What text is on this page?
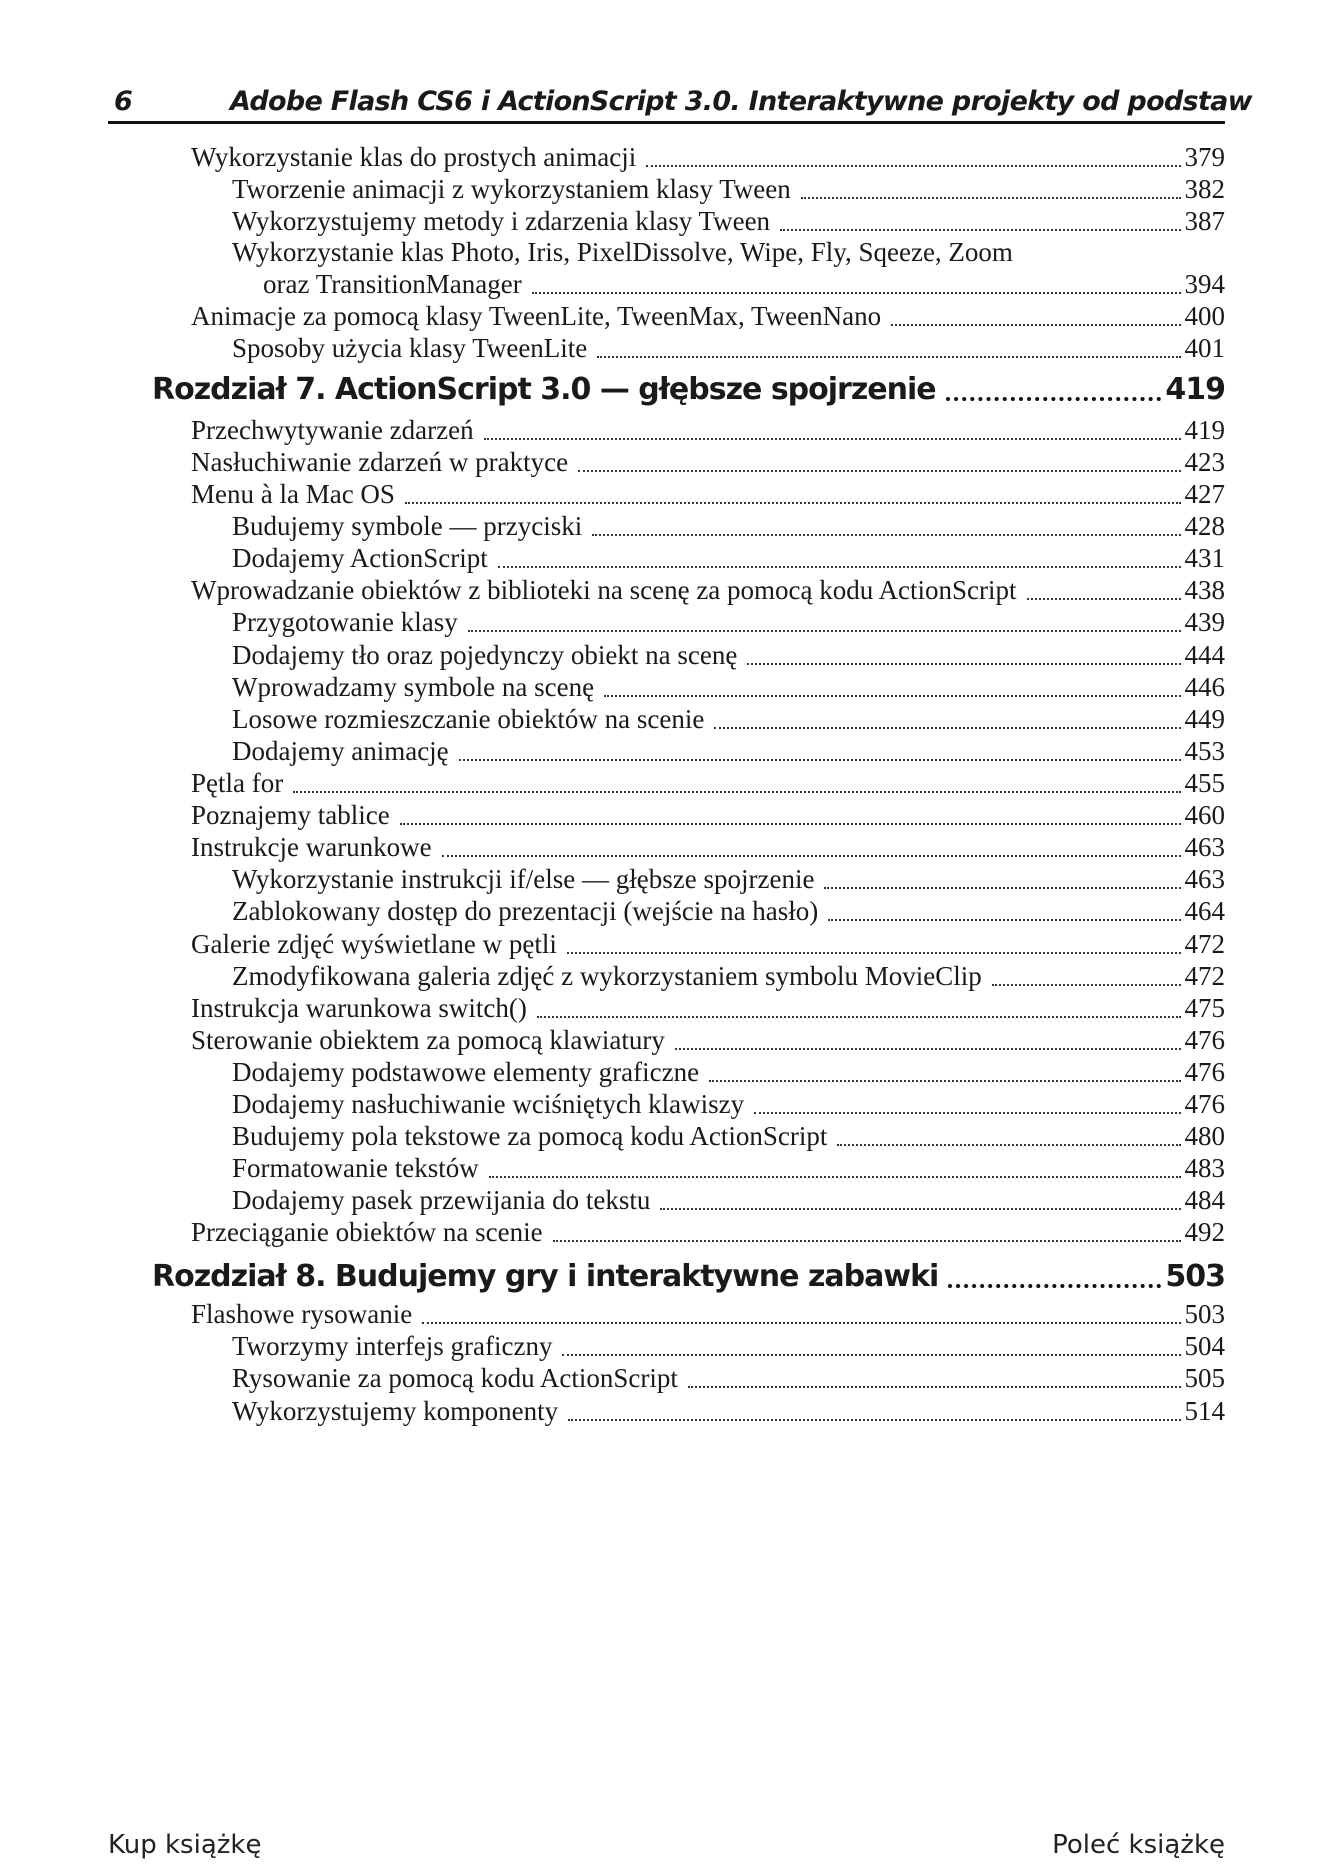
6	Adobe Flash CS6 i ActionScript 3.0. Interaktywne projekty od podstaw
Wykorzystanie klas do prostych animacji	379
Tworzenie animacji z wykorzystaniem klasy Tween	382
Wykorzystujemy metody i zdarzenia klasy Tween	387
Wykorzystanie klas Photo, Iris, PixelDissolve, Wipe, Fly, Sqeeze, Zoom
oraz TransitionManager	394
Animacje za pomocą klasy TweenLite, TweenMax, TweenNano	400
Sposoby użycia klasy TweenLite	401
Rozdział 7. ActionScript 3.0 — głębsze spojrzenie	419
Przechwytywanie zdarzeń	419
Nasłuchiwanie zdarzeń w praktyce	423
Menu à la Mac OS	427
Budujemy symbole — przyciski	428
Dodajemy ActionScript	431
Wprowadzanie obiektów z biblioteki na scenę za pomocą kodu ActionScript	438
Przygotowanie klasy	439
Dodajemy tło oraz pojedynczy obiekt na scenę	444
Wprowadzamy symbole na scenę	446
Losowe rozmieszczanie obiektów na scenie	449
Dodajemy animację	453
Pętla for	455
Poznajemy tablice	460
Instrukcje warunkowe	463
Wykorzystanie instrukcji if/else — głębsze spojrzenie	463
Zablokowany dostęp do prezentacji (wejście na hasło)	464
Galerie zdjęć wyświetlane w pętli	472
Zmodyfikowana galeria zdjęć z wykorzystaniem symbolu MovieClip	472
Instrukcja warunkowa switch()	475
Sterowanie obiektem za pomocą klawiatury	476
Dodajemy podstawowe elementy graficzne	476
Dodajemy nasłuchiwanie wciśniętych klawiszy	476
Budujemy pola tekstowe za pomocą kodu ActionScript	480
Formatowanie tekstów	483
Dodajemy pasek przewijania do tekstu	484
Przeciąganie obiektów na scenie	492
Rozdział 8. Budujemy gry i interaktywne zabawki	503
Flashowe rysowanie	503
Tworzymy interfejs graficzny	504
Rysowanie za pomocą kodu ActionScript	505
Wykorzystujemy komponenty	514
Kup książkę	Poleć książkę
